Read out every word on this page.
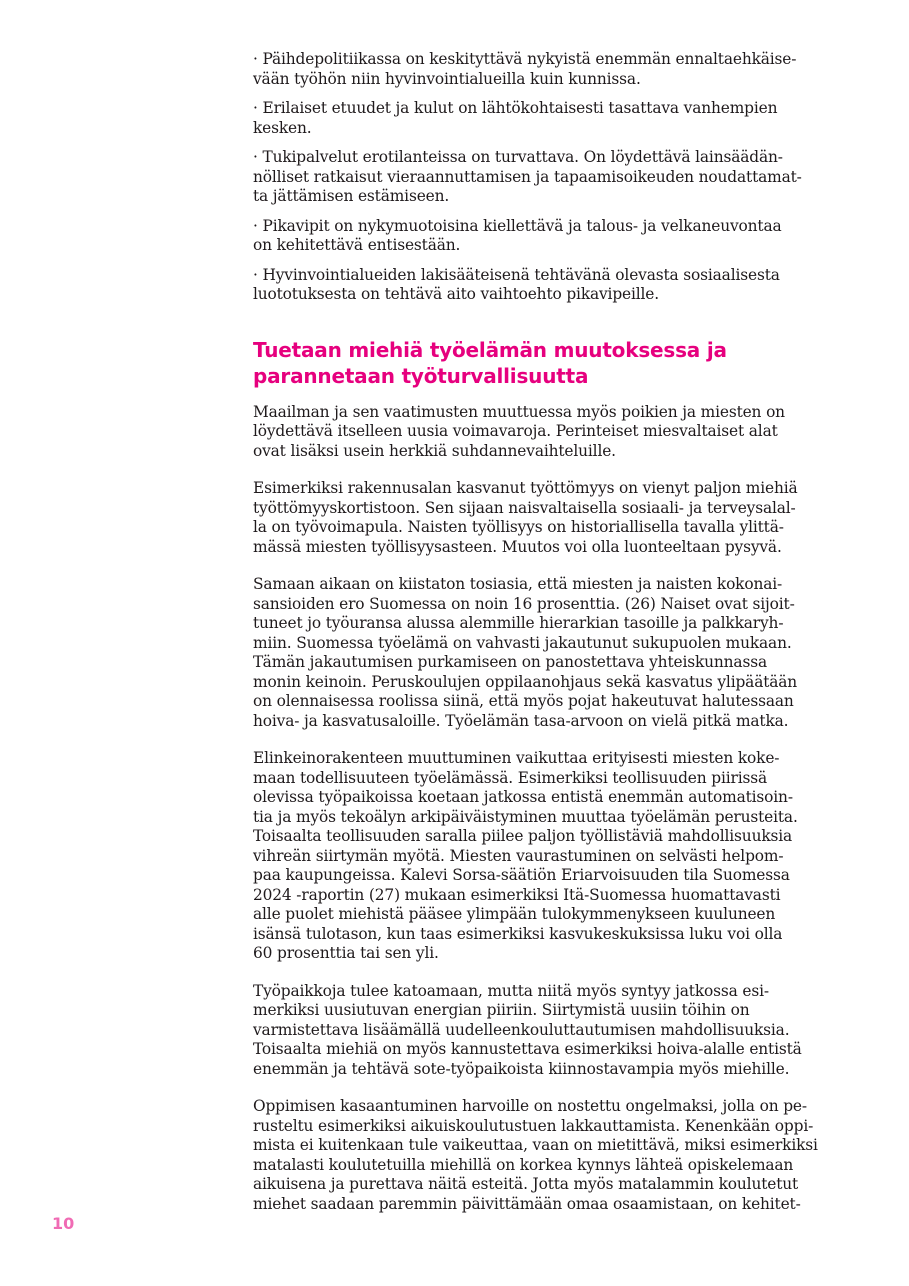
· Päihdepolitiikassa on keskityttävä nykyistä enemmän ennaltaehkäise-
vään työhön niin hyvinvointialueilla kuin kunnissa.
· Erilaiset etuudet ja kulut on lähtökohtaisesti tasattava vanhempien
kesken.
· Tukipalvelut erotilanteissa on turvattava. On löydettävä lainsäädän-
nölliset ratkaisut vieraannuttamisen ja tapaamisoikeuden noudattamat-
ta jättämisen estämiseen.
· Pikavipit on nykymuotoisina kiellettävä ja talous- ja velkaneuvontaa
on kehitettävä entisestään.
· Hyvinvointialueiden lakisääteisenä tehtävänä olevasta sosiaalisesta
luototuksesta on tehtävä aito vaihtoehto pikavipeille.
Tuetaan miehiä työelämän muutoksessa ja
parannetaan työturvallisuutta
Maailman ja sen vaatimusten muuttuessa myös poikien ja miesten on
löydettävä itselleen uusia voimavaroja. Perinteiset miesvaltaiset alat
ovat lisäksi usein herkkiä suhdannevaihteluille.
Esimerkiksi rakennusalan kasvanut työttömyys on vienyt paljon miehiä
työttömyyskortistoon. Sen sijaan naisvaltaisella sosiaali- ja terveysalal-
la on työvoimapula. Naisten työllisyys on historiallisella tavalla ylittä-
mässä miesten työllisyysasteen. Muutos voi olla luonteeltaan pysyvä.
Samaan aikaan on kiistaton tosiasia, että miesten ja naisten kokonai-
sansioiden ero Suomessa on noin 16 prosenttia. (26) Naiset ovat sijoit-
tuneet jo työuransa alussa alemmille hierarkian tasoille ja palkkaryh-
miin. Suomessa työelämä on vahvasti jakautunut sukupuolen mukaan.
Tämän jakautumisen purkamiseen on panostettava yhteiskunnassa
monin keinoin. Peruskoulujen oppilaanohjaus sekä kasvatus ylipäätään
on olennaisessa roolissa siinä, että myös pojat hakeutuvat halutessaan
hoiva- ja kasvatusaloille. Työelämän tasa-arvoon on vielä pitkä matka.
Elinkeinorakenteen muuttuminen vaikuttaa erityisesti miesten koke-
maan todellisuuteen työelämässä. Esimerkiksi teollisuuden piirissä
olevissa työpaikoissa koetaan jatkossa entistä enemmän automatisoin-
tia ja myös tekoälyn arkipäiväistyminen muuttaa työelämän perusteita.
Toisaalta teollisuuden saralla piilee paljon työllistäviä mahdollisuuksia
vihreän siirtymän myötä. Miesten vaurastuminen on selvästi helpom-
paa kaupungeissa. Kalevi Sorsa-säätiön Eriarvoisuuden tila Suomessa
2024 -raportin (27) mukaan esimerkiksi Itä-Suomessa huomattavasti
alle puolet miehistä pääsee ylimpään tulokymmenykseen kuuluneen
isänsä tulotason, kun taas esimerkiksi kasvukeskuksissa luku voi olla
60 prosenttia tai sen yli.
Työpaikkoja tulee katoamaan, mutta niitä myös syntyy jatkossa esi-
merkiksi uusiutuvan energian piiriin. Siirtymistä uusiin töihin on
varmistettava lisäämällä uudelleenkouluttautumisen mahdollisuuksia.
Toisaalta miehiä on myös kannustettava esimerkiksi hoiva-alalle entistä
enemmän ja tehtävä sote-työpaikoista kiinnostavampia myös miehille.
Oppimisen kasaantuminen harvoille on nostettu ongelmaksi, jolla on pe-
rusteltu esimerkiksi aikuiskoulutustuen lakkauttamista. Kenenkään oppi-
mista ei kuitenkaan tule vaikeuttaa, vaan on mietittävä, miksi esimerkiksi
matalasti koulutetuilla miehillä on korkea kynnys lähteä opiskelemaan
aikuisena ja purettava näitä esteitä. Jotta myös matalammin koulutetut
miehet saadaan paremmin päivittämään omaa osaamistaan, on kehitet-
10
